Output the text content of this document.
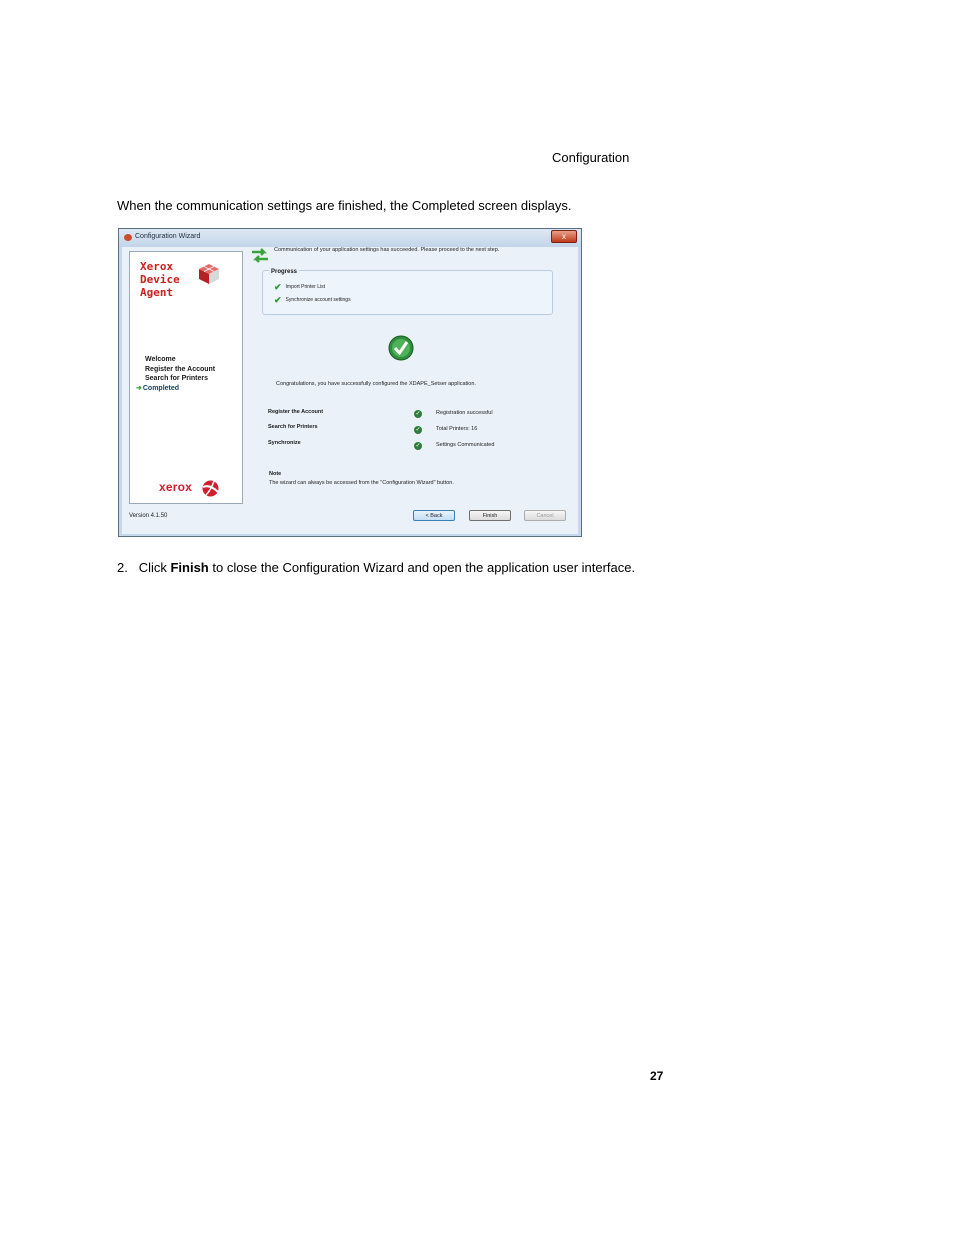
Configuration
When the communication settings are finished, the Completed screen displays.
Configuration Wizard	x
Xerox
Device
Agent
Welcome
Register the Account
Search for Printers
➜Completed
xerox
Communication of your application settings has succeeded. Please proceed to the next step.
Progress
✔ Import Printer List
✔ Synchronize account settings
Congratulations, you have successfully configured the XDAPE_Setser application.
Register the Account	✓	Registration successful
Search for Printers	✓	Total Printers: 16
Synchronize	✓	Settings Communicated
Note
The wizard can always be accessed from the "Configuration Wizard" button.
Version 4.1.50	< Back	Finish	Cancel
2. Click Finish to close the Configuration Wizard and open the application user interface.
27
